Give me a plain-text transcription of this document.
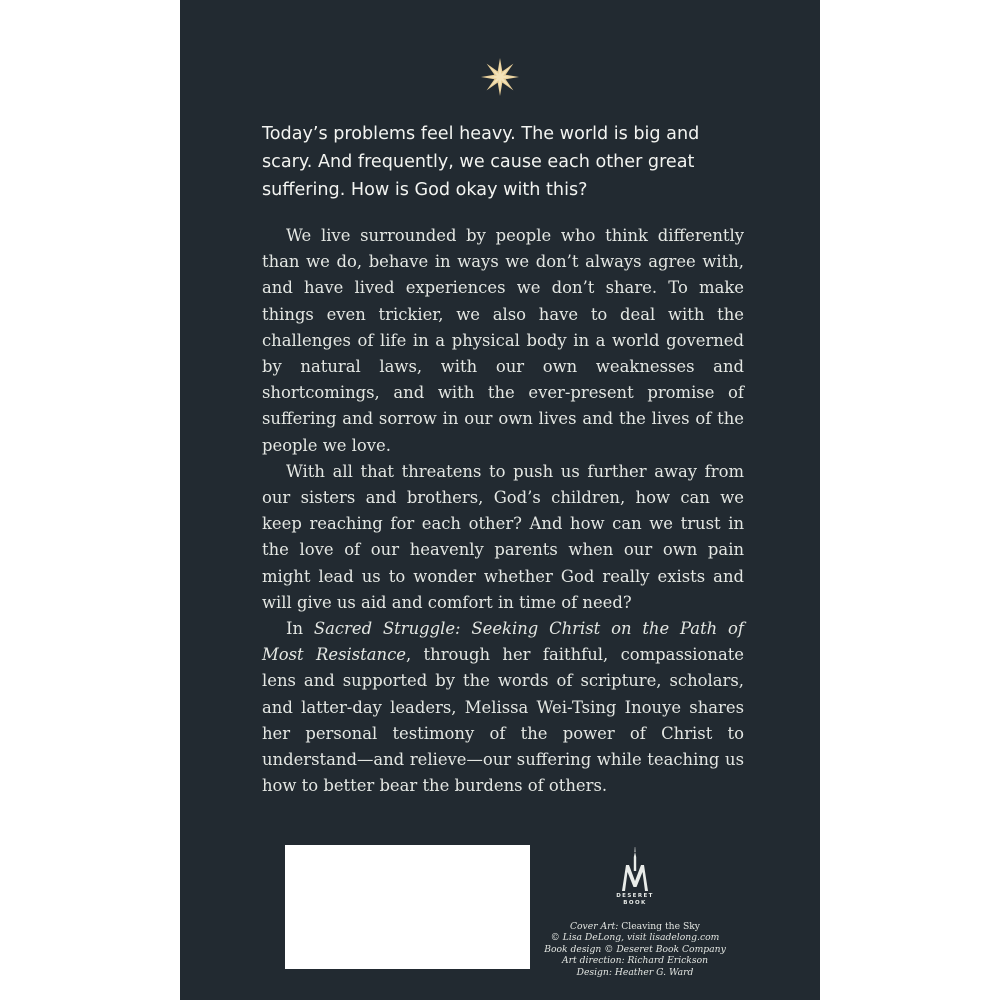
Today’s problems feel heavy. The world is big and scary. And frequently, we cause each other great suffering. How is God okay with this?

We live surrounded by people who think differently than we do, behave in ways we don’t always agree with, and have lived experiences we don’t share. To make things even trickier, we also have to deal with the challenges of life in a physical body in a world governed by natural laws, with our own weaknesses and shortcomings, and with the ever-present promise of suffering and sorrow in our own lives and the lives of the people we love.

With all that threatens to push us further away from our sisters and brothers, God’s children, how can we keep reaching for each other? And how can we trust in the love of our heavenly parents when our own pain might lead us to wonder whether God really exists and will give us aid and comfort in time of need?

In Sacred Struggle: Seeking Christ on the Path of Most Resistance, through her faithful, compassionate lens and supported by the words of scripture, scholars, and latter-day leaders, Melissa Wei-Tsing Inouye shares her personal testimony of the power of Christ to understand—and relieve—our suffering while teaching us how to better bear the burdens of others.

DESERET
BOOK
Cover Art: Cleaving the Sky
© Lisa DeLong, visit lisadelong.com
Book design © Deseret Book Company
Art direction: Richard Erickson
Design: Heather G. Ward
